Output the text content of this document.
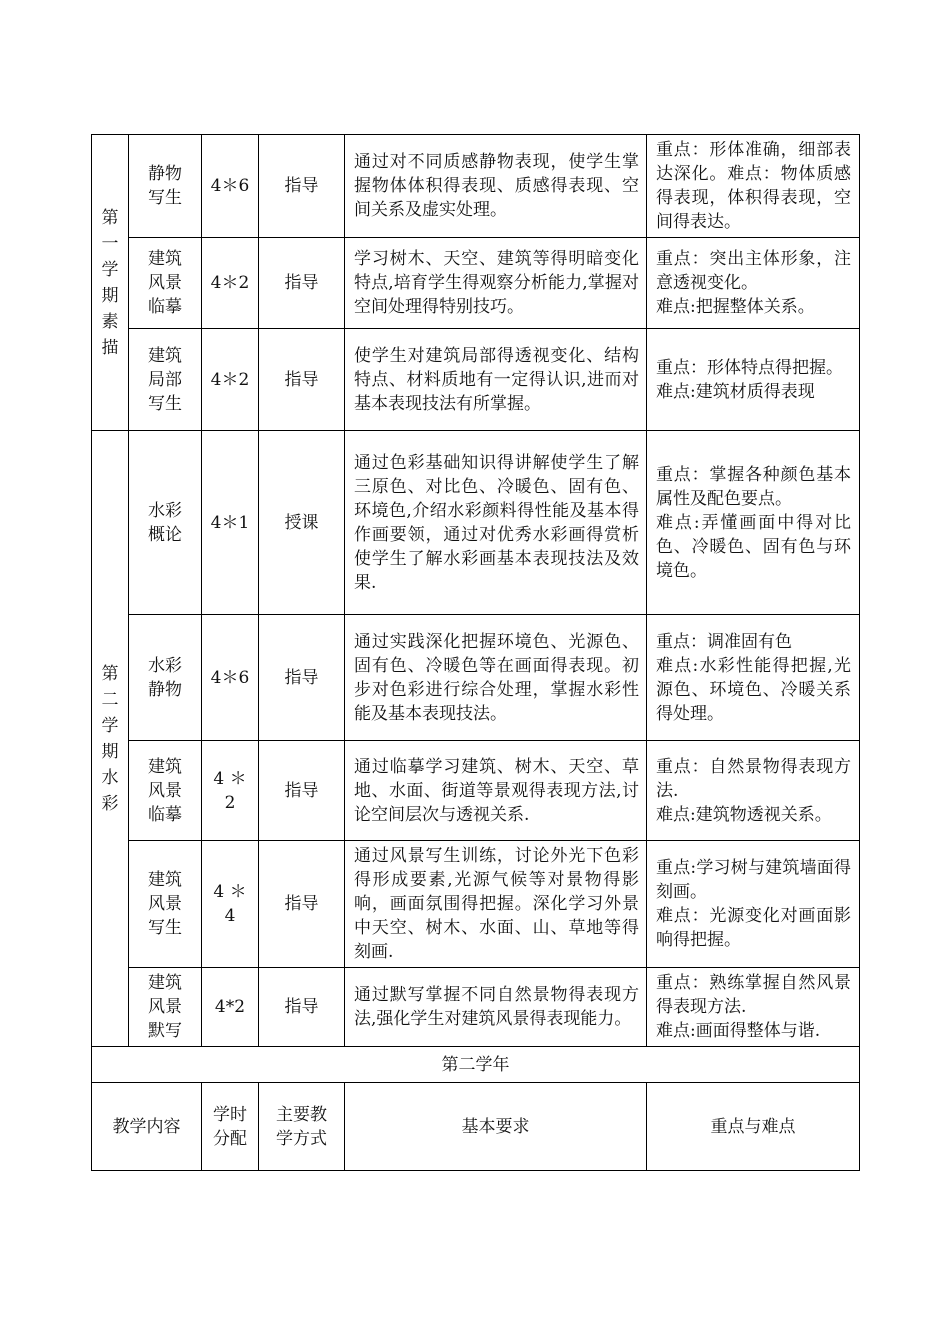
第一学期素描	静物写生	4＊6	指导	通过对不同质感静物表现，使学生掌握物体体积得表现、质感得表现、空间关系及虚实处理。	重点：形体准确，细部表达深化。难点：物体质感得表现，体积得表现，空间得表达。

	建筑风景临摹	4＊2	指导	学习树木、天空、建筑等得明暗变化特点,培育学生得观察分析能力,掌握对空间处理得特别技巧。	重点：突出主体形象，注意透视变化。
难点:把握整体关系。

	建筑局部写生	4＊2	指导	使学生对建筑局部得透视变化、结构特点、材料质地有一定得认识,进而对基本表现技法有所掌握。	重点：形体特点得把握。
难点:建筑材质得表现

第二学期水彩	水彩概论	4＊1	授课	通过色彩基础知识得讲解使学生了解三原色、对比色、冷暖色、固有色、环境色,介绍水彩颜料得性能及基本得作画要领，通过对优秀水彩画得赏析使学生了解水彩画基本表现技法及效果.	重点：掌握各种颜色基本属性及配色要点。
难点:弄懂画面中得对比色、冷暖色、固有色与环境色。

	水彩静物	4＊6	指导	通过实践深化把握环境色、光源色、固有色、冷暖色等在画面得表现。初步对色彩进行综合处理，掌握水彩性能及基本表现技法。	重点：调准固有色
难点:水彩性能得把握,光源色、环境色、冷暖关系得处理。

	建筑风景临摹	4 ＊
2	指导	通过临摹学习建筑、树木、天空、草地、水面、街道等景观得表现方法,讨论空间层次与透视关系.	重点：自然景物得表现方法.
难点:建筑物透视关系。

	建筑风景写生	4 ＊
4	指导	通过风景写生训练，讨论外光下色彩得形成要素,光源气候等对景物得影响，画面氛围得把握。深化学习外景中天空、树木、水面、山、草地等得刻画.	重点:学习树与建筑墙面得刻画。
难点：光源变化对画面影响得把握。

	建筑风景默写	4*2	指导	通过默写掌握不同自然景物得表现方法,强化学生对建筑风景得表现能力。	重点：熟练掌握自然风景得表现方法.
难点:画面得整体与谐.
第二学年					
教学内容		学时分配	主要教学方式	基本要求	重点与难点
